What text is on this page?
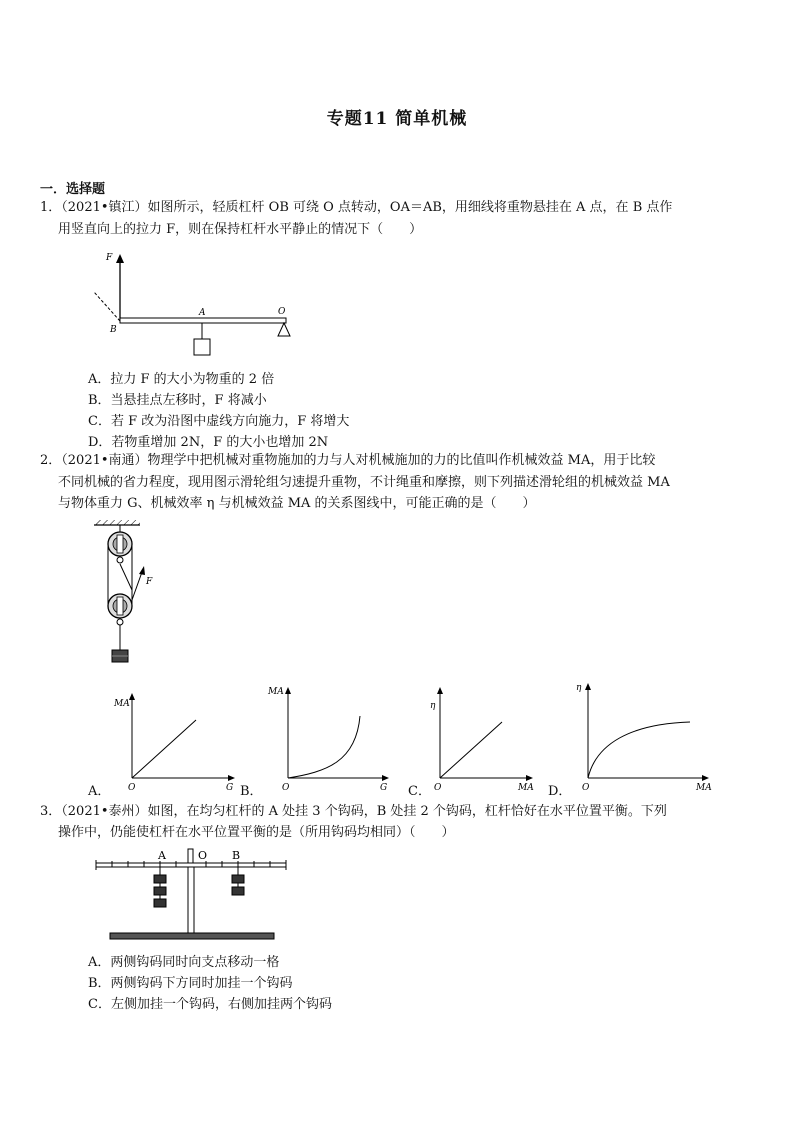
专题11 简单机械
一．选择题
1．（2021•镇江）如图所示，轻质杠杆 OB 可绕 O 点转动，OA＝AB，用细线将重物悬挂在 A 点，在 B 点作
用竖直向上的拉力 F，则在保持杠杆水平静止的情况下（　　）
F
B
A	O
A．拉力 F 的大小为物重的 2 倍
B．当悬挂点左移时，F 将减小
C．若 F 改为沿图中虚线方向施力，F 将增大
D．若物重增加 2N，F 的大小也增加 2N
2．（2021•南通）物理学中把机械对重物施加的力与人对机械施加的力的比值叫作机械效益 MA，用于比较
不同机械的省力程度，现用图示滑轮组匀速提升重物，不计绳重和摩擦，则下列描述滑轮组的机械效益 MA
与物体重力 G、机械效率 η 与机械效益 MA 的关系图线中，可能正确的是（　　）
F
A．
MA
G
O	B．
MA
G
O	C．
η
MA
O	D．
η
MA
O
3．（2021•泰州）如图，在均匀杠杆的 A 处挂 3 个钩码，B 处挂 2 个钩码，杠杆恰好在水平位置平衡。下列
操作中，仍能使杠杆在水平位置平衡的是（所用钩码均相同）（　　）
A	O B
A．两侧钩码同时向支点移动一格
B．两侧钩码下方同时加挂一个钩码
C．左侧加挂一个钩码，右侧加挂两个钩码
